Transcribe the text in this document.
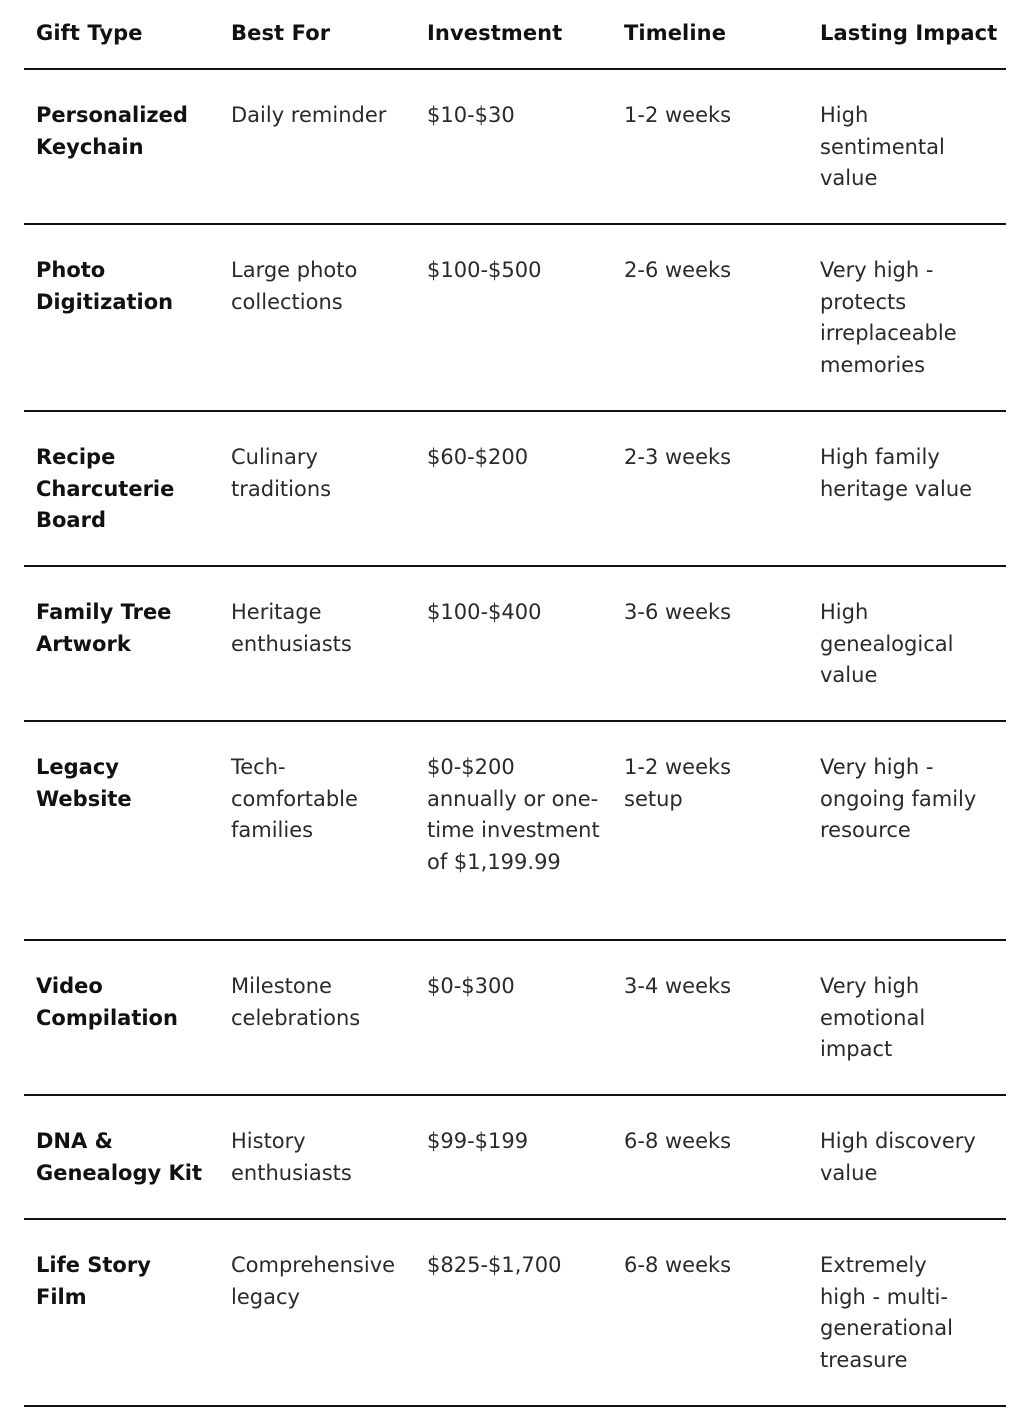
Gift Type	Best For	Investment	Timeline	Lasting Impact

Personalized Keychain	Daily reminder	$10-$30	1-2 weeks	High sentimental value

Photo Digitization	Large photo collections	$100-$500	2-6 weeks	Very high - protects irreplaceable memories

Recipe Charcuterie Board	Culinary traditions	$60-$200	2-3 weeks	High family heritage value

Family Tree Artwork	Heritage enthusiasts	$100-$400	3-6 weeks	High genealogical value

Legacy Website	Tech-comfortable families	$0-$200 annually or one-time investment of $1,199.99	1-2 weeks setup	Very high - ongoing family resource

Video Compilation	Milestone celebrations	$0-$300	3-4 weeks	Very high emotional impact

DNA & Genealogy Kit	History enthusiasts	$99-$199	6-8 weeks	High discovery value

Life Story Film	Comprehensive legacy	$825-$1,700	6-8 weeks	Extremely high - multi-generational treasure
